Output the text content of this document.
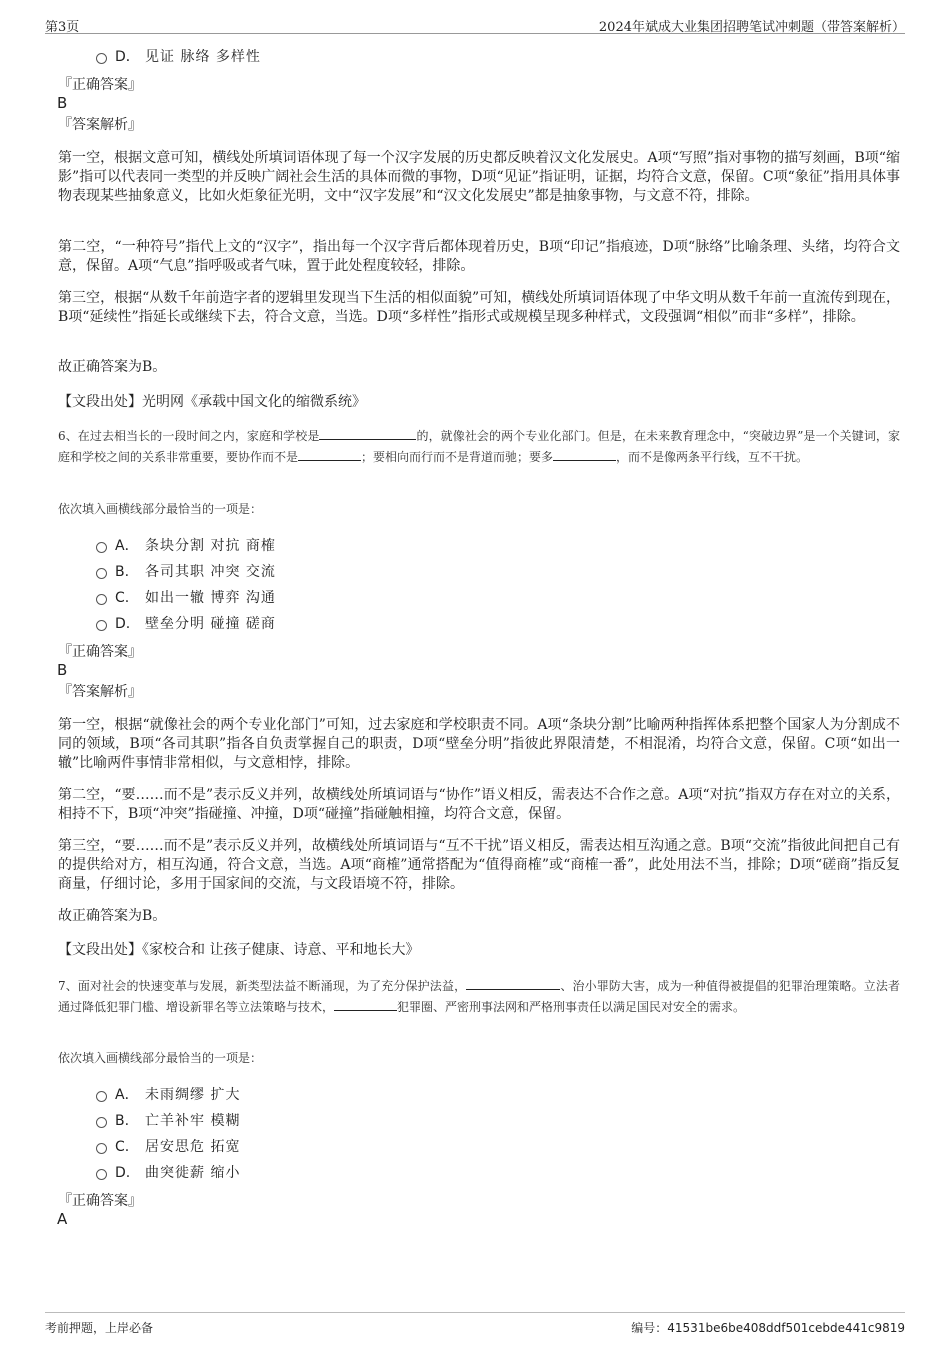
第3页	2024年斌成大业集团招聘笔试冲刺题（带答案解析）
D． 见证 脉络 多样性
『正确答案』
B
『答案解析』
第一空，根据文意可知，横线处所填词语体现了每一个汉字发展的历史都反映着汉文化发展史。A项“写照”指对事物的描写刻画，B项“缩影”指可以代表同一类型的并反映广阔社会生活的具体而微的事物，D项“见证”指证明，证据，均符合文意，保留。C项“象征”指用具体事物表现某些抽象意义，比如火炬象征光明，文中“汉字发展”和“汉文化发展史”都是抽象事物，与文意不符，排除。
第二空，“一种符号”指代上文的“汉字”，指出每一个汉字背后都体现着历史，B项“印记”指痕迹，D项“脉络”比喻条理、头绪，均符合文意，保留。A项“气息”指呼吸或者气味，置于此处程度较轻，排除。
第三空，根据“从数千年前造字者的逻辑里发现当下生活的相似面貌”可知，横线处所填词语体现了中华文明从数千年前一直流传到现在，B项“延续性”指延长或继续下去，符合文意，当选。D项“多样性”指形式或规模呈现多种样式，文段强调“相似”而非“多样”，排除。
故正确答案为B。
【文段出处】光明网《承载中国文化的缩微系统》
6、在过去相当长的一段时间之内，家庭和学校是	的，就像社会的两个专业化部门。但是，在未来教育理念中，“突破边界”是一个关键词，家庭和学校之间的关系非常重要，要协作而不是	；要相向而行而不是背道而驰；要多	，而不是像两条平行线，互不干扰。
依次填入画横线部分最恰当的一项是：
A． 条块分割 对抗 商榷
B. 各司其职 冲突 交流
C. 如出一辙 博弈 沟通
D. 壁垒分明 碰撞 磋商
『正确答案』
B
『答案解析』
第一空，根据“就像社会的两个专业化部门”可知，过去家庭和学校职责不同。A项“条块分割”比喻两种指挥体系把整个国家人为分割成不同的领域，B项“各司其职”指各自负责掌握自己的职责，D项“壁垒分明”指彼此界限清楚，不相混淆，均符合文意，保留。C项“如出一辙”比喻两件事情非常相似，与文意相悖，排除。
第二空，“要……而不是”表示反义并列，故横线处所填词语与“协作”语义相反，需表达不合作之意。A项“对抗”指双方存在对立的关系，相持不下，B项“冲突”指碰撞、冲撞，D项“碰撞”指碰触相撞，均符合文意，保留。
第三空，“要……而不是”表示反义并列，故横线处所填词语与“互不干扰”语义相反，需表达相互沟通之意。B项“交流”指彼此间把自己有的提供给对方，相互沟通，符合文意，当选。A项“商榷”通常搭配为“值得商榷”或“商榷一番”，此处用法不当，排除；D项“磋商”指反复商量，仔细讨论，多用于国家间的交流，与文段语境不符，排除。
故正确答案为B。
【文段出处】《家校合和 让孩子健康、诗意、平和地长大》
7、面对社会的快速变革与发展，新类型法益不断涌现，为了充分保护法益，	、治小罪防大害，成为一种值得被提倡的犯罪治理策略。立法者通过降低犯罪门槛、增设新罪名等立法策略与技术，	犯罪圈、严密刑事法网和严格刑事责任以满足国民对安全的需求。
依次填入画横线部分最恰当的一项是：
A． 未雨绸缪 扩大
B. 亡羊补牢 模糊
C. 居安思危 拓宽
D. 曲突徙薪 缩小
『正确答案』
A
考前押题，上岸必备	编号：41531be6be408ddf501cebde441c9819
